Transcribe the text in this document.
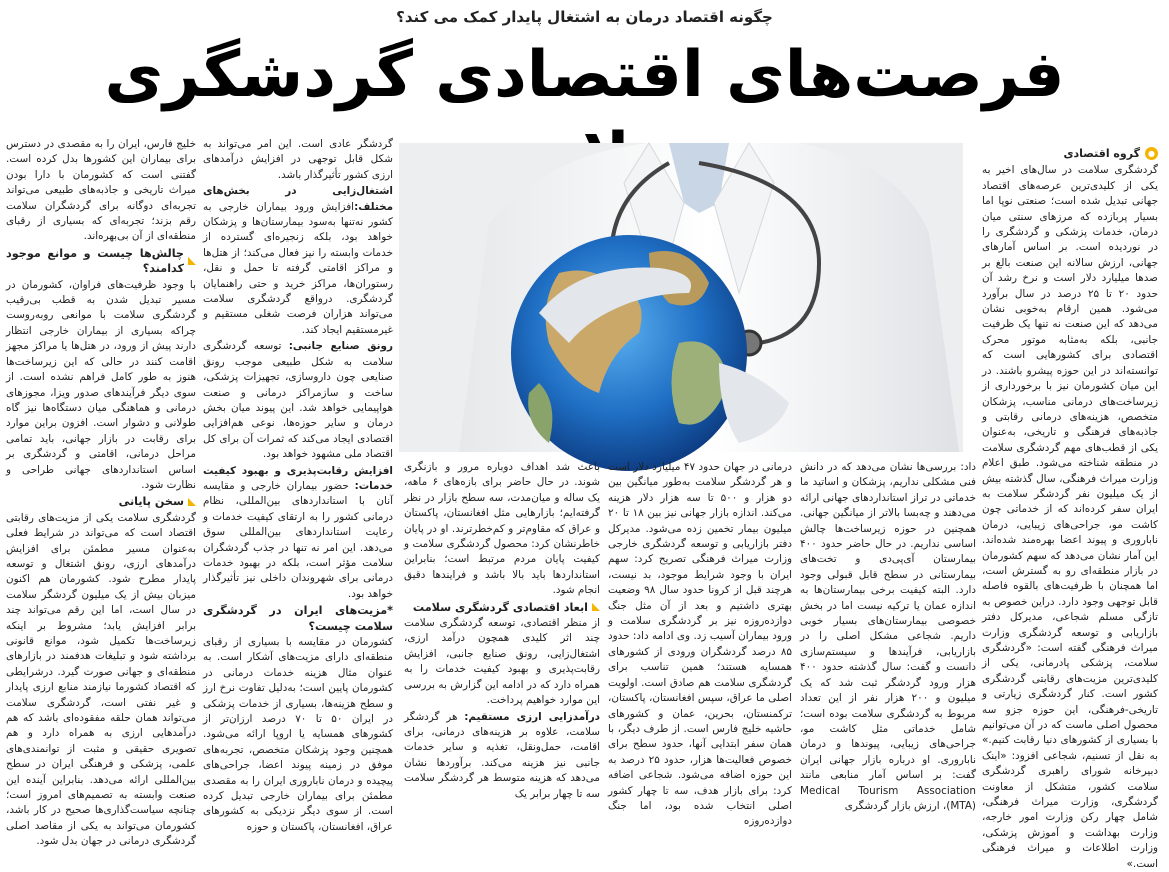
چگونه اقتصاد درمان به اشتغال پایدار کمک می کند؟
فرصت‌های اقتصادی گردشگری
●
گروه اقتصادی

گردشگری سلامت در سال‌های اخیر به یکی از کلیدی‌ترین عرصه‌های اقتصاد جهانی تبدیل شده است؛ صنعتی نوپا اما بسیار پربازده که مرزهای سنتی میان درمان، خدمات پزشکی و گردشگری را در نوردیده است. بر اساس آمارهای جهانی، ارزش سالانه این صنعت بالغ بر صدها میلیارد دلار است و نرخ رشد آن حدود ۲۰ تا ۲۵ درصد در سال برآورد می‌شود. همین ارقام به‌خوبی نشان می‌دهد که این صنعت نه تنها یک ظرفیت جانبی، بلکه به‌مثابه موتور محرک اقتصادی برای کشورهایی است که توانسته‌اند در این حوزه پیشرو باشند. در این میان کشورمان نیز با برخورداری از زیرساخت‌های درمانی مناسب، پزشکان متخصص، هزینه‌های درمانی رقابتی و جاذبه‌های فرهنگی و تاریخی، به‌عنوان یکی از قطب‌های مهم گردشگری سلامت در منطقه شناخته می‌شود. طبق اعلام وزارت میراث فرهنگی، سال گذشته بیش از یک میلیون نفر گردشگر سلامت به ایران سفر کرده‌اند که از خدماتی چون کاشت مو، جراحی‌های زیبایی، درمان ناباروری و پیوند اعضا بهره‌مند شده‌اند. این آمار نشان می‌دهد که سهم کشورمان در بازار منطقه‌ای رو به گسترش است، اما همچنان با ظرفیت‌های بالقوه فاصله قابل توجهی وجود دارد. دراین خصوص به تازگی مسلم شجاعی، مدیرکل دفتر بازاریابی و توسعه گردشگری وزارت میراث فرهنگی گفته است: «گردشگری سلامت، پزشکی پادرمانی، یکی از کلیدی‌ترین مزیت‌های رقابتی گردشگری کشور است. کنار گردشگری زیارتی و تاریخی-فرهنگی، این حوزه جزو سه محصول اصلی ماست که در آن می‌توانیم با بسیاری از کشورهای دنیا رقابت کنیم.» به نقل از تسنیم، شجاعی افزود: «اینک دبیرخانه شورای راهبری گردشگری سلامت کشور، متشکل از معاونت گردشگری، وزارت میراث فرهنگی، شامل چهار رکن وزارت امور خارجه، وزارت بهداشت و آموزش پزشکی، وزارت اطلاعات و میراث فرهنگی است.»

داد: بررسی‌ها نشان می‌دهد که در دانش فنی مشکلی نداریم، پزشکان و اساتید ما خدماتی در تراز استانداردهای جهانی ارائه می‌دهند و چه‌بسا بالاتر از میانگین جهانی. همچنین در حوزه زیرساخت‌ها چالش اساسی نداریم. در حال حاضر حدود ۴۰۰ بیمارستان آی‌پی‌دی و تخت‌های بیمارستانی در سطح قابل قبولی وجود دارد. البته کیفیت برخی بیمارستان‌ها به اندازه عمان یا ترکیه نیست اما در بخش خصوصی بیمارستان‌های بسیار خوبی داریم. شجاعی مشکل اصلی را در بازاریابی، فرآیندها و سیستم‌سازی دانست و گفت: سال گذشته حدود ۴۰۰ هزار ورود گردشگر ثبت شد که یک میلیون و ۲۰۰ هزار نفر از این تعداد مربوط به گردشگری سلامت بوده است؛ شامل خدماتی مثل کاشت مو، جراحی‌های زیبایی، پیوند‌ها و درمان ناباروری. او درباره بازار جهانی ایران گفت: بر اساس آمار منابعی مانند Medical Tourism Association (MTA)، ارزش بازار گردشگری

درمانی در جهان حدود ۴۷ میلیارد دلار است و هر گردشگر سلامت به‌طور میانگین بین دو هزار و ۵۰۰ تا سه هزار دلار هزینه می‌کند. اندازه بازار جهانی نیز بین ۱۸ تا ۲۰ میلیون بیمار تخمین زده می‌شود. مدیرکل دفتر بازاریابی و توسعه گردشگری خارجی وزارت میراث فرهنگی تصریح کرد: سهم ایران با وجود شرایط موجود، بد نیست، هرچند قبل از کرونا حدود سال ۹۸ وضعیت بهتری داشتیم و بعد از آن مثل جنگ دوازده‌روزه نیز بر گردشگری سلامت و ورود بیماران آسیب زد. وی ادامه داد: حدود ۸۵ درصد گردشگران ورودی از کشورهای همسایه هستند؛ همین تناسب برای گردشگری سلامت هم صادق است. اولویت اصلی ما عراق، سپس افغانستان، پاکستان، ترکمنستان، بحرین، عمان و کشورهای حاشیه خلیج فارس است. از طرف دیگر، با همان سفر ابتدایی آنها، حدود سطح برای خصوص فعالیت‌ها هزار، حدود ۲۵ درصد به این حوزه اضافه می‌شود. شجاعی اضافه کرد: برای بازار هدف، سه تا چهار کشور اصلی انتخاب شده بود، اما جنگ دوازده‌روزه

باعث شد اهداف دوباره مرور و بازنگری شوند. در حال حاضر برای بازه‌های ۶ ماهه، یک ساله و میان‌مدت، سه سطح بازار در نظر گرفته‌ایم؛ بازارهایی مثل افغانستان، پاکستان و عراق که مقاوم‌تر و کم‌خطرترند. او در پایان خاطرنشان کرد: محصول گردشگری سلامت و کیفیت پایان مردم مرتبط است؛ بنابراین استانداردها باید بالا باشد و فرایندها دقیق انجام شود.

ابعاد اقتصادی گردشگری سلامت

از منظر اقتصادی، توسعه گردشگری سلامت چند اثر کلیدی همچون درآمد ارزی، اشتغال‌زایی، رونق صنایع جانبی، افزایش رقابت‌پذیری و بهبود کیفیت خدمات را به همراه دارد که در ادامه این گزارش به بررسی این موارد خواهیم پرداخت.

درآمدزایی ارزی مستقیم: هر گردشگر سلامت، علاوه بر هزینه‌های درمانی، برای اقامت، حمل‌ونقل، تغذیه و سایر خدمات جانبی نیز هزینه می‌کند. برآوردها نشان می‌دهد که هزینه متوسط هر گردشگر سلامت سه تا چهار برابر یک

گردشگر عادی است. این امر می‌تواند به شکل قابل توجهی در افزایش درآمدهای ارزی کشور تأثیرگذار باشد.

اشتغال‌زایی در بخش‌های مختلف:افزایش ورود بیماران خارجی به کشور نه‌تنها به‌سود بیمارستان‌ها و پزشکان خواهد بود، بلکه زنجیره‌ای گسترده از خدمات وابسته را نیز فعال می‌کند؛ از هتل‌ها و مراکز اقامتی گرفته تا حمل و نقل، رستوران‌ها، مراکز خرید و حتی راهنمایان گردشگری. درواقع گردشگری سلامت می‌تواند هزاران فرصت شغلی مستقیم و غیرمستقیم ایجاد کند.

رونق صنایع جانبی: توسعه گردشگری سلامت به شکل طبیعی موجب رونق صنایعی چون داروسازی، تجهیزات پزشکی، ساخت و سازمراکز درمانی و صنعت هواپیمایی خواهد شد. این پیوند میان بخش درمان و سایر حوزه‌ها، نوعی هم‌افزایی اقتصادی ایجاد می‌کند که ثمرات آن برای کل اقتصاد ملی مشهود خواهد بود.

افزایش رقابت‌پذیری و بهبود کیفیت خدمات: حضور بیماران خارجی و مقایسه آنان با استانداردهای بین‌المللی، نظام درمانی کشور را به ارتقای کیفیت خدمات و رعایت استانداردهای بین‌المللی سوق می‌دهد. این امر نه تنها در جذب گردشگران سلامت مؤثر است، بلکه در بهبود خدمات درمانی برای شهروندان داخلی نیز تأثیرگذار خواهد بود.

*مزیت‌های ایران در گردشگری سلامت چیست؟

کشورمان در مقایسه با بسیاری از رقبای منطقه‌ای دارای مزیت‌های آشکار است. به عنوان مثال هزینه خدمات درمانی در کشورمان پایین است؛ به‌دلیل تفاوت نرخ ارز و سطح هزینه‌ها، بسیاری از خدمات پزشکی در ایران ۵۰ تا ۷۰ درصد ارزان‌تر از کشورهای همسایه یا اروپا ارائه می‌شود. همچنین وجود پزشکان متخصص، تجربه‌های موفق در زمینه پیوند اعضا، جراحی‌های پیچیده و درمان ناباروری ایران را به مقصدی مطمئن برای بیماران خارجی تبدیل کرده است. از سوی دیگر نزدیکی به کشورهای عراق، افغانستان، پاکستان و حوزه

خلیج فارس، ایران را به مقصدی در دسترس برای بیماران این کشورها بدل کرده است. گفتنی است که کشورمان با دارا بودن میراث تاریخی و جاذبه‌های طبیعی می‌تواند تجربه‌ای دوگانه برای گردشگران سلامت رقم بزند؛ تجربه‌ای که بسیاری از رقبای منطقه‌ای از آن بی‌بهره‌اند.

چالش‌ها چیست و موانع موجود کدامند؟

با وجود ظرفیت‌های فراوان، کشورمان در مسیر تبدیل شدن به قطب بی‌رقیب گردشگری سلامت با موانعی روبه‌روست چراکه بسیاری از بیماران خارجی انتظار دارند پیش از ورود، در هتل‌ها یا مراکز مجهز اقامت کنند در حالی که این زیرساخت‌ها هنوز به طور کامل فراهم نشده است. از سوی دیگر فرآیندهای صدور ویزا، مجوزهای درمانی و هماهنگی میان دستگاه‌ها نیز گاه طولانی و دشوار است. افزون براین موارد برای رقابت در بازار جهانی، باید تمامی مراحل درمانی، اقامتی و گردشگری بر اساس استانداردهای جهانی طراحی و نظارت شود.

سخن پایانی

گردشگری سلامت یکی از مزیت‌های رقابتی اقتصاد است که می‌تواند در شرایط فعلی به‌عنوان مسیر مطمئن برای افزایش درآمدهای ارزی، رونق اشتغال و توسعه پایدار مطرح شود. کشورمان هم اکنون میزبان بیش از یک میلیون گردشگر سلامت در سال است، اما این رقم می‌تواند چند برابر افزایش یابد؛ مشروط بر اینکه زیرساخت‌ها تکمیل شود، موانع قانونی برداشته شود و تبلیغات هدفمند در بازارهای منطقه‌ای و جهانی صورت گیرد. درشرایطی که اقتصاد کشورما نیازمند منابع ارزی پایدار و غیر نفتی است، گردشگری سلامت می‌تواند همان حلقه مفقوده‌ای باشد که هم درآمدهایی ارزی به همراه دارد و هم تصویری حقیقی و مثبت از توانمندی‌های علمی، پزشکی و فرهنگی ایران در سطح بین‌المللی ارائه می‌دهد. بنابراین آینده این صنعت وابسته به تصمیم‌های امروز است؛ چنانچه سیاست‌گذاری‌ها صحیح در کار باشد، کشورمان می‌تواند به یکی از مقاصد اصلی گردشگری درمانی در جهان بدل شود.
